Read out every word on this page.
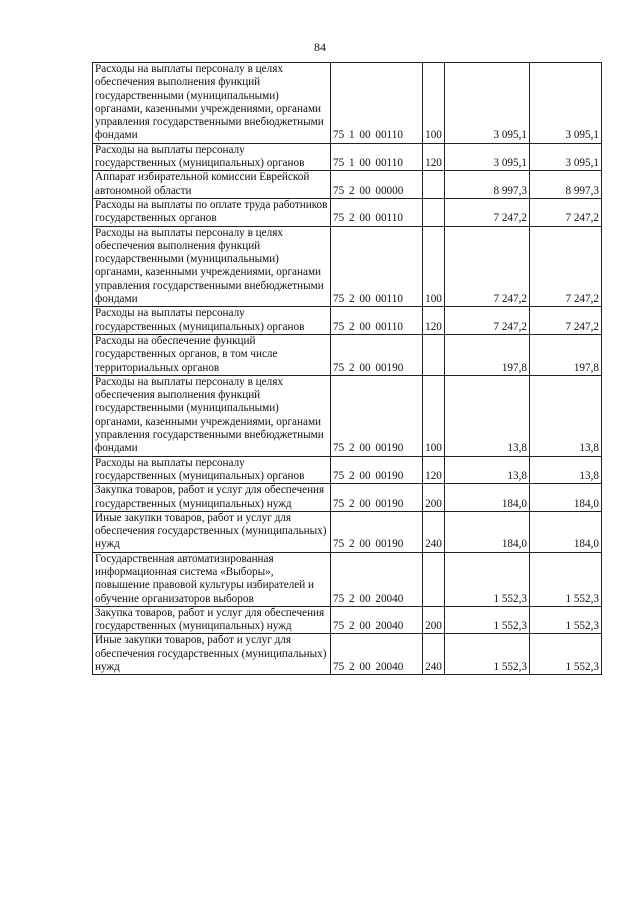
84
Расходы на выплаты персоналу в целях обеспечения выполнения функций государственными (муниципальными) органами, казенными учреждениями, органами управления государственными внебюджетными фондами	75 1 00 00110	100	3 095,1	3 095,1
Расходы на выплаты персоналу государственных (муниципальных) органов	75 1 00 00110	120	3 095,1	3 095,1
Аппарат избирательной комиссии Еврейской автономной области	75 2 00 00000		8 997,3	8 997,3
Расходы на выплаты по оплате труда работников государственных органов	75 2 00 00110		7 247,2	7 247,2
Расходы на выплаты персоналу в целях обеспечения выполнения функций государственными (муниципальными) органами, казенными учреждениями, органами управления государственными внебюджетными фондами	75 2 00 00110	100	7 247,2	7 247,2
Расходы на выплаты персоналу государственных (муниципальных) органов	75 2 00 00110	120	7 247,2	7 247,2
Расходы на обеспечение функций государственных органов, в том числе территориальных органов	75 2 00 00190		197,8	197,8
Расходы на выплаты персоналу в целях обеспечения выполнения функций государственными (муниципальными) органами, казенными учреждениями, органами управления государственными внебюджетными фондами	75 2 00 00190	100	13,8	13,8
Расходы на выплаты персоналу государственных (муниципальных) органов	75 2 00 00190	120	13,8	13,8
Закупка товаров, работ и услуг для обеспечения государственных (муниципальных) нужд	75 2 00 00190	200	184,0	184,0
Иные закупки товаров, работ и услуг для обеспечения государственных (муниципальных) нужд	75 2 00 00190	240	184,0	184,0
Государственная автоматизированная информационная система «Выборы», повышение правовой культуры избирателей и обучение организаторов выборов	75 2 00 20040		1 552,3	1 552,3
Закупка товаров, работ и услуг для обеспечения государственных (муниципальных) нужд	75 2 00 20040	200	1 552,3	1 552,3
Иные закупки товаров, работ и услуг для обеспечения государственных (муниципальных) нужд	75 2 00 20040	240	1 552,3	1 552,3
